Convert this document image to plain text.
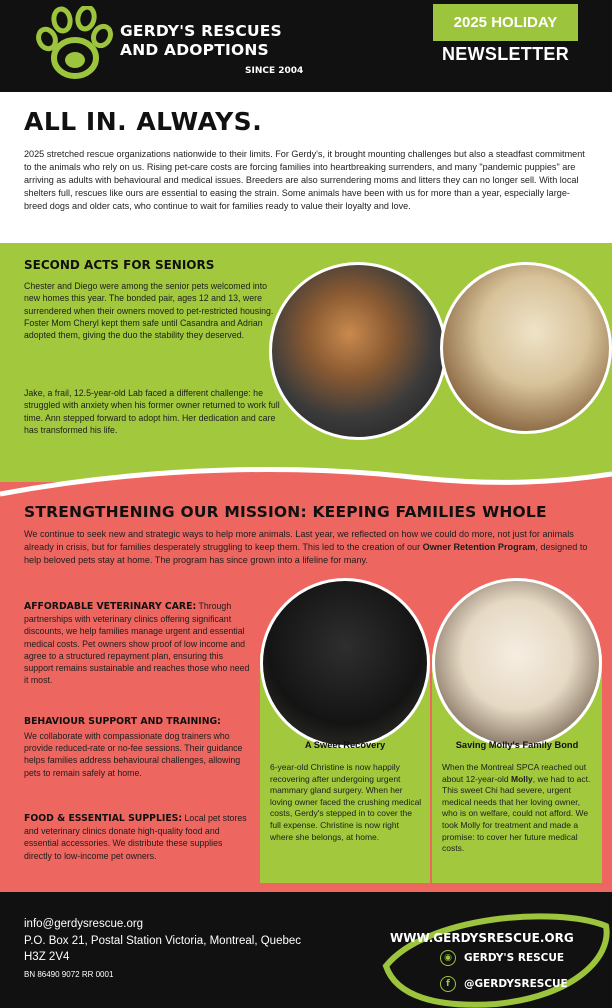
GERDY'S RESCUES
AND ADOPTIONS
SINCE 2004
2025 HOLIDAY
NEWSLETTER
ALL IN. ALWAYS.
2025 stretched rescue organizations nationwide to their limits. For Gerdy's, it brought mounting challenges but also a steadfast commitment to the animals who rely on us. Rising pet-care costs are forcing families into heartbreaking surrenders, and many "pandemic puppies" are arriving as adults with behavioural and medical issues. Breeders are also surrendering moms and litters they can no longer sell. With local shelters full, rescues like ours are essential to easing the strain. Some animals have been with us for more than a year, especially large-breed dogs and older cats, who continue to wait for families ready to value their loyalty and love.
SECOND ACTS FOR SENIORS
Chester and Diego were among the senior pets welcomed into new homes this year. The bonded pair, ages 12 and 13, were surrendered when their owners moved to pet-restricted housing. Foster Mom Cheryl kept them safe until Casandra and Adrian adopted them, giving the duo the stability they deserved.
Jake, a frail, 12.5-year-old Lab faced a different challenge: he struggled with anxiety when his former owner returned to work full time. Ann stepped forward to adopt him. Her dedication and care has transformed his life.
STRENGTHENING OUR MISSION: KEEPING FAMILIES WHOLE
We continue to seek new and strategic ways to help more animals. Last year, we reflected on how we could do more, not just for animals already in crisis, but for families desperately struggling to keep them. This led to the creation of our Owner Retention Program, designed to help beloved pets stay at home. The program has since grown into a lifeline for many.
AFFORDABLE VETERINARY CARE: Through partnerships with veterinary clinics offering significant discounts, we help families manage urgent and essential medical costs. Pet owners show proof of low income and agree to a structured repayment plan, ensuring this support remains sustainable and reaches those who need it most.
BEHAVIOUR SUPPORT AND TRAINING:
We collaborate with compassionate dog trainers who provide reduced-rate or no-fee sessions. Their guidance helps families address behavioural challenges, allowing pets to remain safely at home.
FOOD & ESSENTIAL SUPPLIES: Local pet stores and veterinary clinics donate high-quality food and essential accessories. We distribute these supplies directly to low-income pet owners.
A Sweet Recovery
6-year-old Christine is now happily recovering after undergoing urgent mammary gland surgery. When her loving owner faced the crushing medical costs, Gerdy's stepped in to cover the full expense. Christine is now right where she belongs, at home.
Saving Molly's Family Bond
When the Montreal SPCA reached out about 12-year-old Molly, we had to act. This sweet Chi had severe, urgent medical needs that her loving owner, who is on welfare, could not afford. We took Molly for treatment and made a promise: to cover her future medical costs.
info@gerdysrescue.org
P.O. Box 21, Postal Station Victoria, Montreal, Quebec H3Z 2V4
BN 86490 9072 RR 0001
WWW.GERDYSRESCUE.ORG
◉	GERDY'S RESCUE
f	@GERDYSRESCUE
